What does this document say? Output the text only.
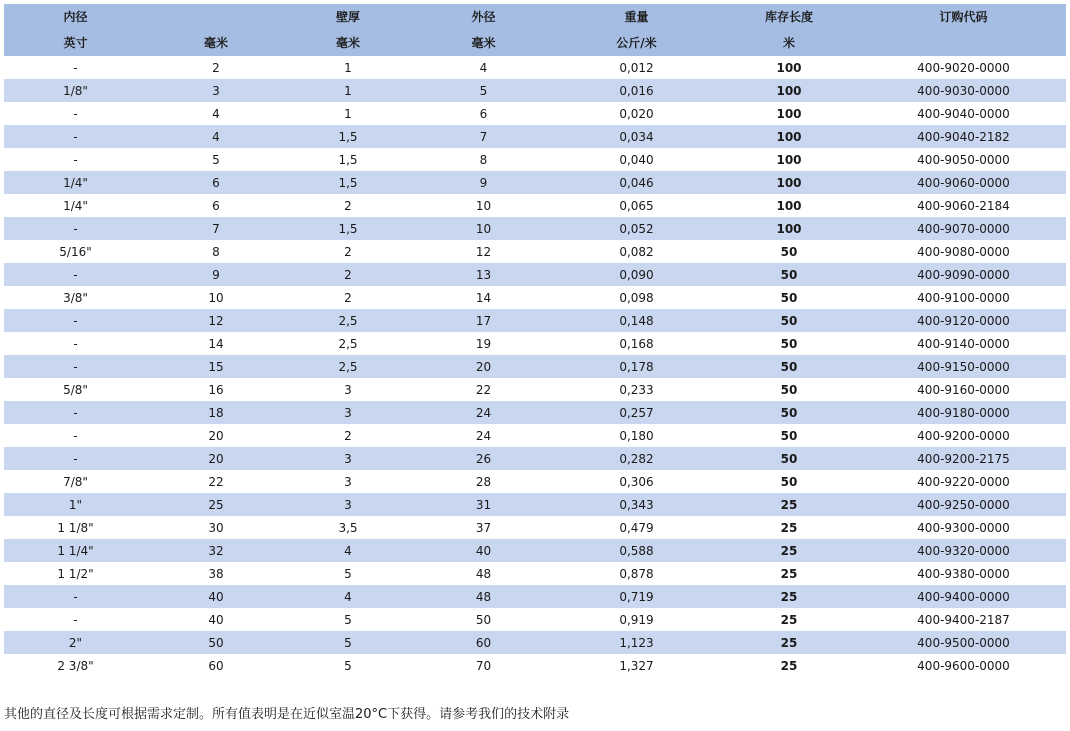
内径		壁厚	外径	重量	库存长度	订购代码
英寸	毫米	毫米	毫米	公斤/米	米	
-	2	1	4	0,012	100	400-9020-0000
1/8"	3	1	5	0,016	100	400-9030-0000
-	4	1	6	0,020	100	400-9040-0000
-	4	1,5	7	0,034	100	400-9040-2182
-	5	1,5	8	0,040	100	400-9050-0000
1/4"	6	1,5	9	0,046	100	400-9060-0000
1/4"	6	2	10	0,065	100	400-9060-2184
-	7	1,5	10	0,052	100	400-9070-0000
5/16"	8	2	12	0,082	50	400-9080-0000
-	9	2	13	0,090	50	400-9090-0000
3/8"	10	2	14	0,098	50	400-9100-0000
-	12	2,5	17	0,148	50	400-9120-0000
-	14	2,5	19	0,168	50	400-9140-0000
-	15	2,5	20	0,178	50	400-9150-0000
5/8"	16	3	22	0,233	50	400-9160-0000
-	18	3	24	0,257	50	400-9180-0000
-	20	2	24	0,180	50	400-9200-0000
-	20	3	26	0,282	50	400-9200-2175
7/8"	22	3	28	0,306	50	400-9220-0000
1"	25	3	31	0,343	25	400-9250-0000
1 1/8"	30	3,5	37	0,479	25	400-9300-0000
1 1/4"	32	4	40	0,588	25	400-9320-0000
1 1/2"	38	5	48	0,878	25	400-9380-0000
-	40	4	48	0,719	25	400-9400-0000
-	40	5	50	0,919	25	400-9400-2187
2"	50	5	60	1,123	25	400-9500-0000
2 3/8"	60	5	70	1,327	25	400-9600-0000
其他的直径及长度可根据需求定制。所有值表明是在近似室温20°C下获得。请参考我们的技术附录
